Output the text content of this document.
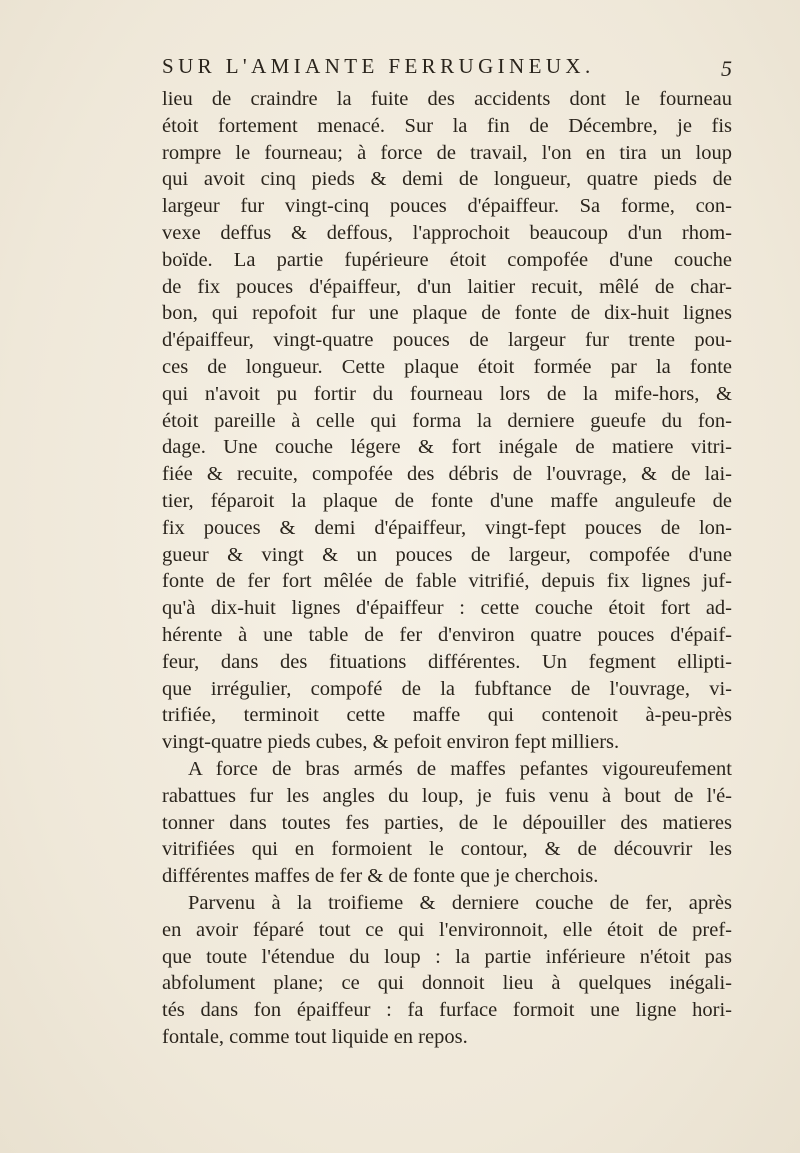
SUR L'AMIANTE FERRUGINEUX.	5
lieu de craindre la fuite des accidents dont le fourneau
étoit fortement menacé. Sur la fin de Décembre, je fis
rompre le fourneau; à force de travail, l'on en tira un loup
qui avoit cinq pieds & demi de longueur, quatre pieds de
largeur fur vingt-cinq pouces d'épaiffeur. Sa forme, con-
vexe deffus & deffous, l'approchoit beaucoup d'un rhom-
boïde. La partie fupérieure étoit compofée d'une couche
de fix pouces d'épaiffeur, d'un laitier recuit, mêlé de char-
bon, qui repofoit fur une plaque de fonte de dix-huit lignes
d'épaiffeur, vingt-quatre pouces de largeur fur trente pou-
ces de longueur. Cette plaque étoit formée par la fonte
qui n'avoit pu fortir du fourneau lors de la mife-hors, &
étoit pareille à celle qui forma la derniere gueufe du fon-
dage. Une couche légere & fort inégale de matiere vitri-
fiée & recuite, compofée des débris de l'ouvrage, & de lai-
tier, féparoit la plaque de fonte d'une maffe anguleufe de
fix pouces & demi d'épaiffeur, vingt-fept pouces de lon-
gueur & vingt & un pouces de largeur, compofée d'une
fonte de fer fort mêlée de fable vitrifié, depuis fix lignes juf-
qu'à dix-huit lignes d'épaiffeur : cette couche étoit fort ad-
hérente à une table de fer d'environ quatre pouces d'épaif-
feur, dans des fituations différentes. Un fegment ellipti-
que irrégulier, compofé de la fubftance de l'ouvrage, vi-
trifiée, terminoit cette maffe qui contenoit à-peu-près
vingt-quatre pieds cubes, & pefoit environ fept milliers.
A force de bras armés de maffes pefantes vigoureufement
rabattues fur les angles du loup, je fuis venu à bout de l'é-
tonner dans toutes fes parties, de le dépouiller des matieres
vitrifiées qui en formoient le contour, & de découvrir les
différentes maffes de fer & de fonte que je cherchois.
Parvenu à la troifieme & derniere couche de fer, après
en avoir féparé tout ce qui l'environnoit, elle étoit de pref-
que toute l'étendue du loup : la partie inférieure n'étoit pas
abfolument plane; ce qui donnoit lieu à quelques inégali-
tés dans fon épaiffeur : fa furface formoit une ligne hori-
fontale, comme tout liquide en repos.
